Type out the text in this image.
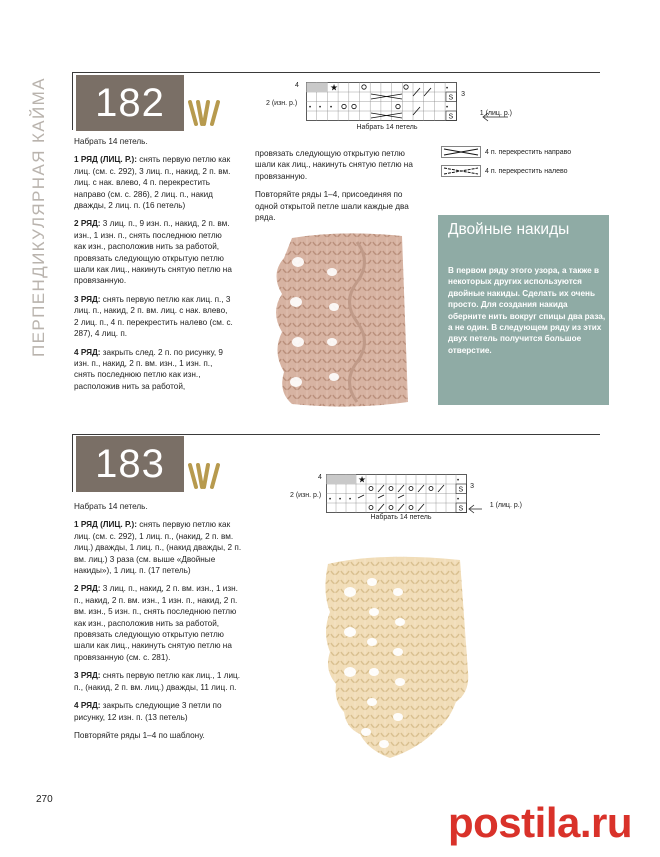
ПЕРПЕНДИКУЛЯРНАЯ КАЙМА	182

Набрать 14 петель.

1 РЯД (ЛИЦ. Р.): снять первую петлю как лиц. (см. с. 292), 3 лиц. п., накид, 2 п. вм. лиц. с нак. влево, 4 п. перекрестить направо (см. с. 286), 2 лиц. п., накид дважды, 2 лиц. п. (16 петель)

2 РЯД: 3 лиц. п., 9 изн. п., накид, 2 п. вм. изн., 1 изн. п., снять последнюю петлю как изн., расположив нить за работой, провязать следующую открытую петлю шали как лиц., накинуть снятую петлю на провязанную.

3 РЯД: снять первую петлю как лиц. п., 3 лиц. п., накид, 2 п. вм. лиц. с нак. влево, 2 лиц. п., 4 п. перекрестить налево (см. с. 287), 4 лиц. п.

4 РЯД: закрыть след. 2 п. по рисунку, 9 изн. п., накид, 2 п. вм. изн., 1 изн. п., снять последнюю петлю как изн., расположив нить за работой,

провязать следующую открытую петлю шали как лиц., накинуть снятую петлю на провязанную.

Повторяйте ряды 1–4, присоединяя по одной открытой петле шали каждые два ряда.

4
3
2 (изн. р.)
1 (лиц. р.)
★
• • •
•
•
S
S
Набрать 14 петель
4 п. перекрестить направо
4 п. перекрестить налево
Двойные накиды
В первом ряду этого узора, а также в некоторых других используются двойные накиды. Сделать их очень просто. Для создания накида оберните нить вокруг спицы два раза, а не один. В следующем ряду из этих двух петель получится большое отверстие.
183

Набрать 14 петель.

1 РЯД (ЛИЦ. Р.): снять первую петлю как лиц. (см. с. 292), 1 лиц. п., (накид, 2 п. вм. лиц.) дважды, 1 лиц. п., (накид дважды, 2 п. вм. лиц.) 3 раза (см. выше «Двойные накиды»), 1 лиц. п. (17 петель)

2 РЯД: 3 лиц. п., накид, 2 п. вм. изн., 1 изн. п., накид, 2 п. вм. изн., 1 изн. п., накид, 2 п. вм. изн., 5 изн. п., снять последнюю петлю как изн., расположив нить за работой, провязать следующую открытую петлю шали как лиц., накинуть снятую петлю на провязанную (см. с. 281).

3 РЯД: снять первую петлю как лиц., 1 лиц. п., (накид, 2 п. вм. лиц.) дважды, 11 лиц. п.

4 РЯД: закрыть следующие 3 петли по рисунку, 12 изн. п. (13 петель)

Повторяйте ряды 1–4 по шаблону.

4
3
2 (изн. р.)
1 (лиц. р.)
★
• • •
•
•
S
S
Набрать 14 петель
270	postila.ru
